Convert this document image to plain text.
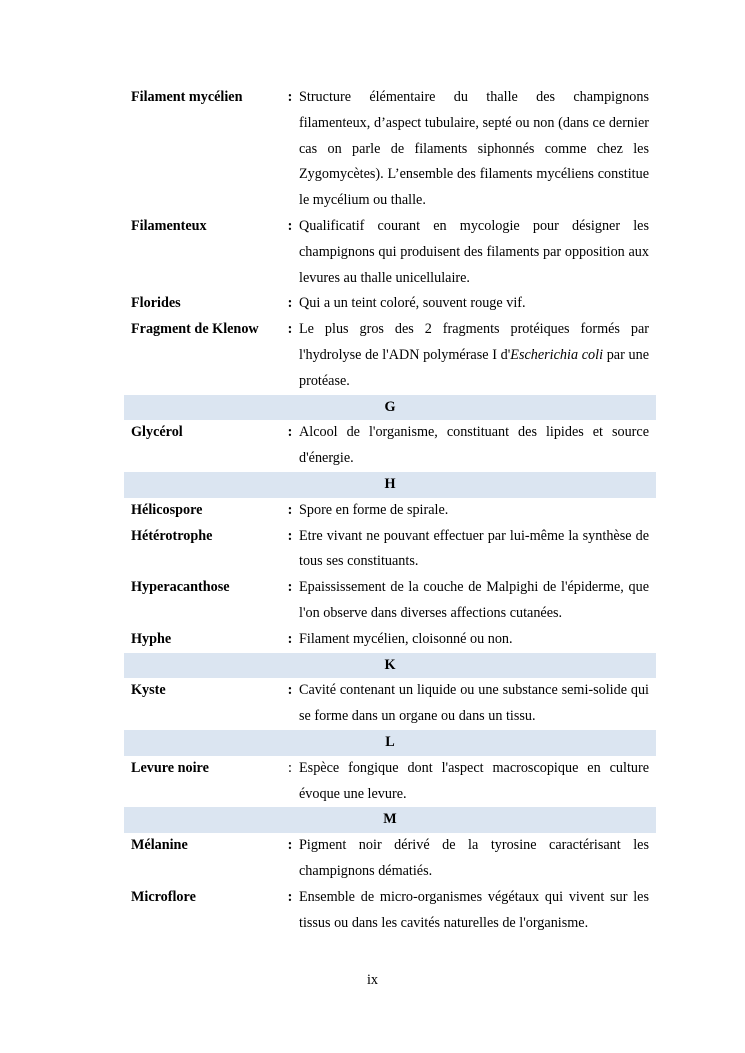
Filament mycélien	:	Structure élémentaire du thalle des champignons filamenteux, d’aspect tubulaire, septé ou non (dans ce dernier cas on parle de filaments siphonnés comme chez les Zygomycètes). L’ensemble des filaments mycéliens constitue le mycélium ou thalle.
Filamenteux	:	Qualificatif courant en mycologie pour désigner les champignons qui produisent des filaments par opposition aux levures au thalle unicellulaire.
Florides	:	Qui a un teint coloré, souvent rouge vif.
Fragment de Klenow	:	Le plus gros des 2 fragments protéiques formés par l'hydrolyse de l'ADN polymérase I d'Escherichia coli par une protéase.
G		
Glycérol	:	Alcool de l'organisme, constituant des lipides et source d'énergie.
H		
Hélicospore	:	Spore en forme de spirale.
Hétérotrophe	:	Etre vivant ne pouvant effectuer par lui-même la synthèse de tous ses constituants.
Hyperacanthose	:	Epaississement de la couche de Malpighi de l'épiderme, que l'on observe dans diverses affections cutanées.
Hyphe	:	Filament mycélien, cloisonné ou non.
K		
Kyste	:	Cavité contenant un liquide ou une substance semi-solide qui se forme dans un organe ou dans un tissu.
L		
Levure noire	:	Espèce fongique dont l'aspect macroscopique en culture évoque une levure.
M		
Mélanine	:	Pigment noir dérivé de la tyrosine caractérisant les champignons dématiés.
Microflore	:	Ensemble de micro-organismes végétaux qui vivent sur les tissus ou dans les cavités naturelles de l'organisme.
ix
